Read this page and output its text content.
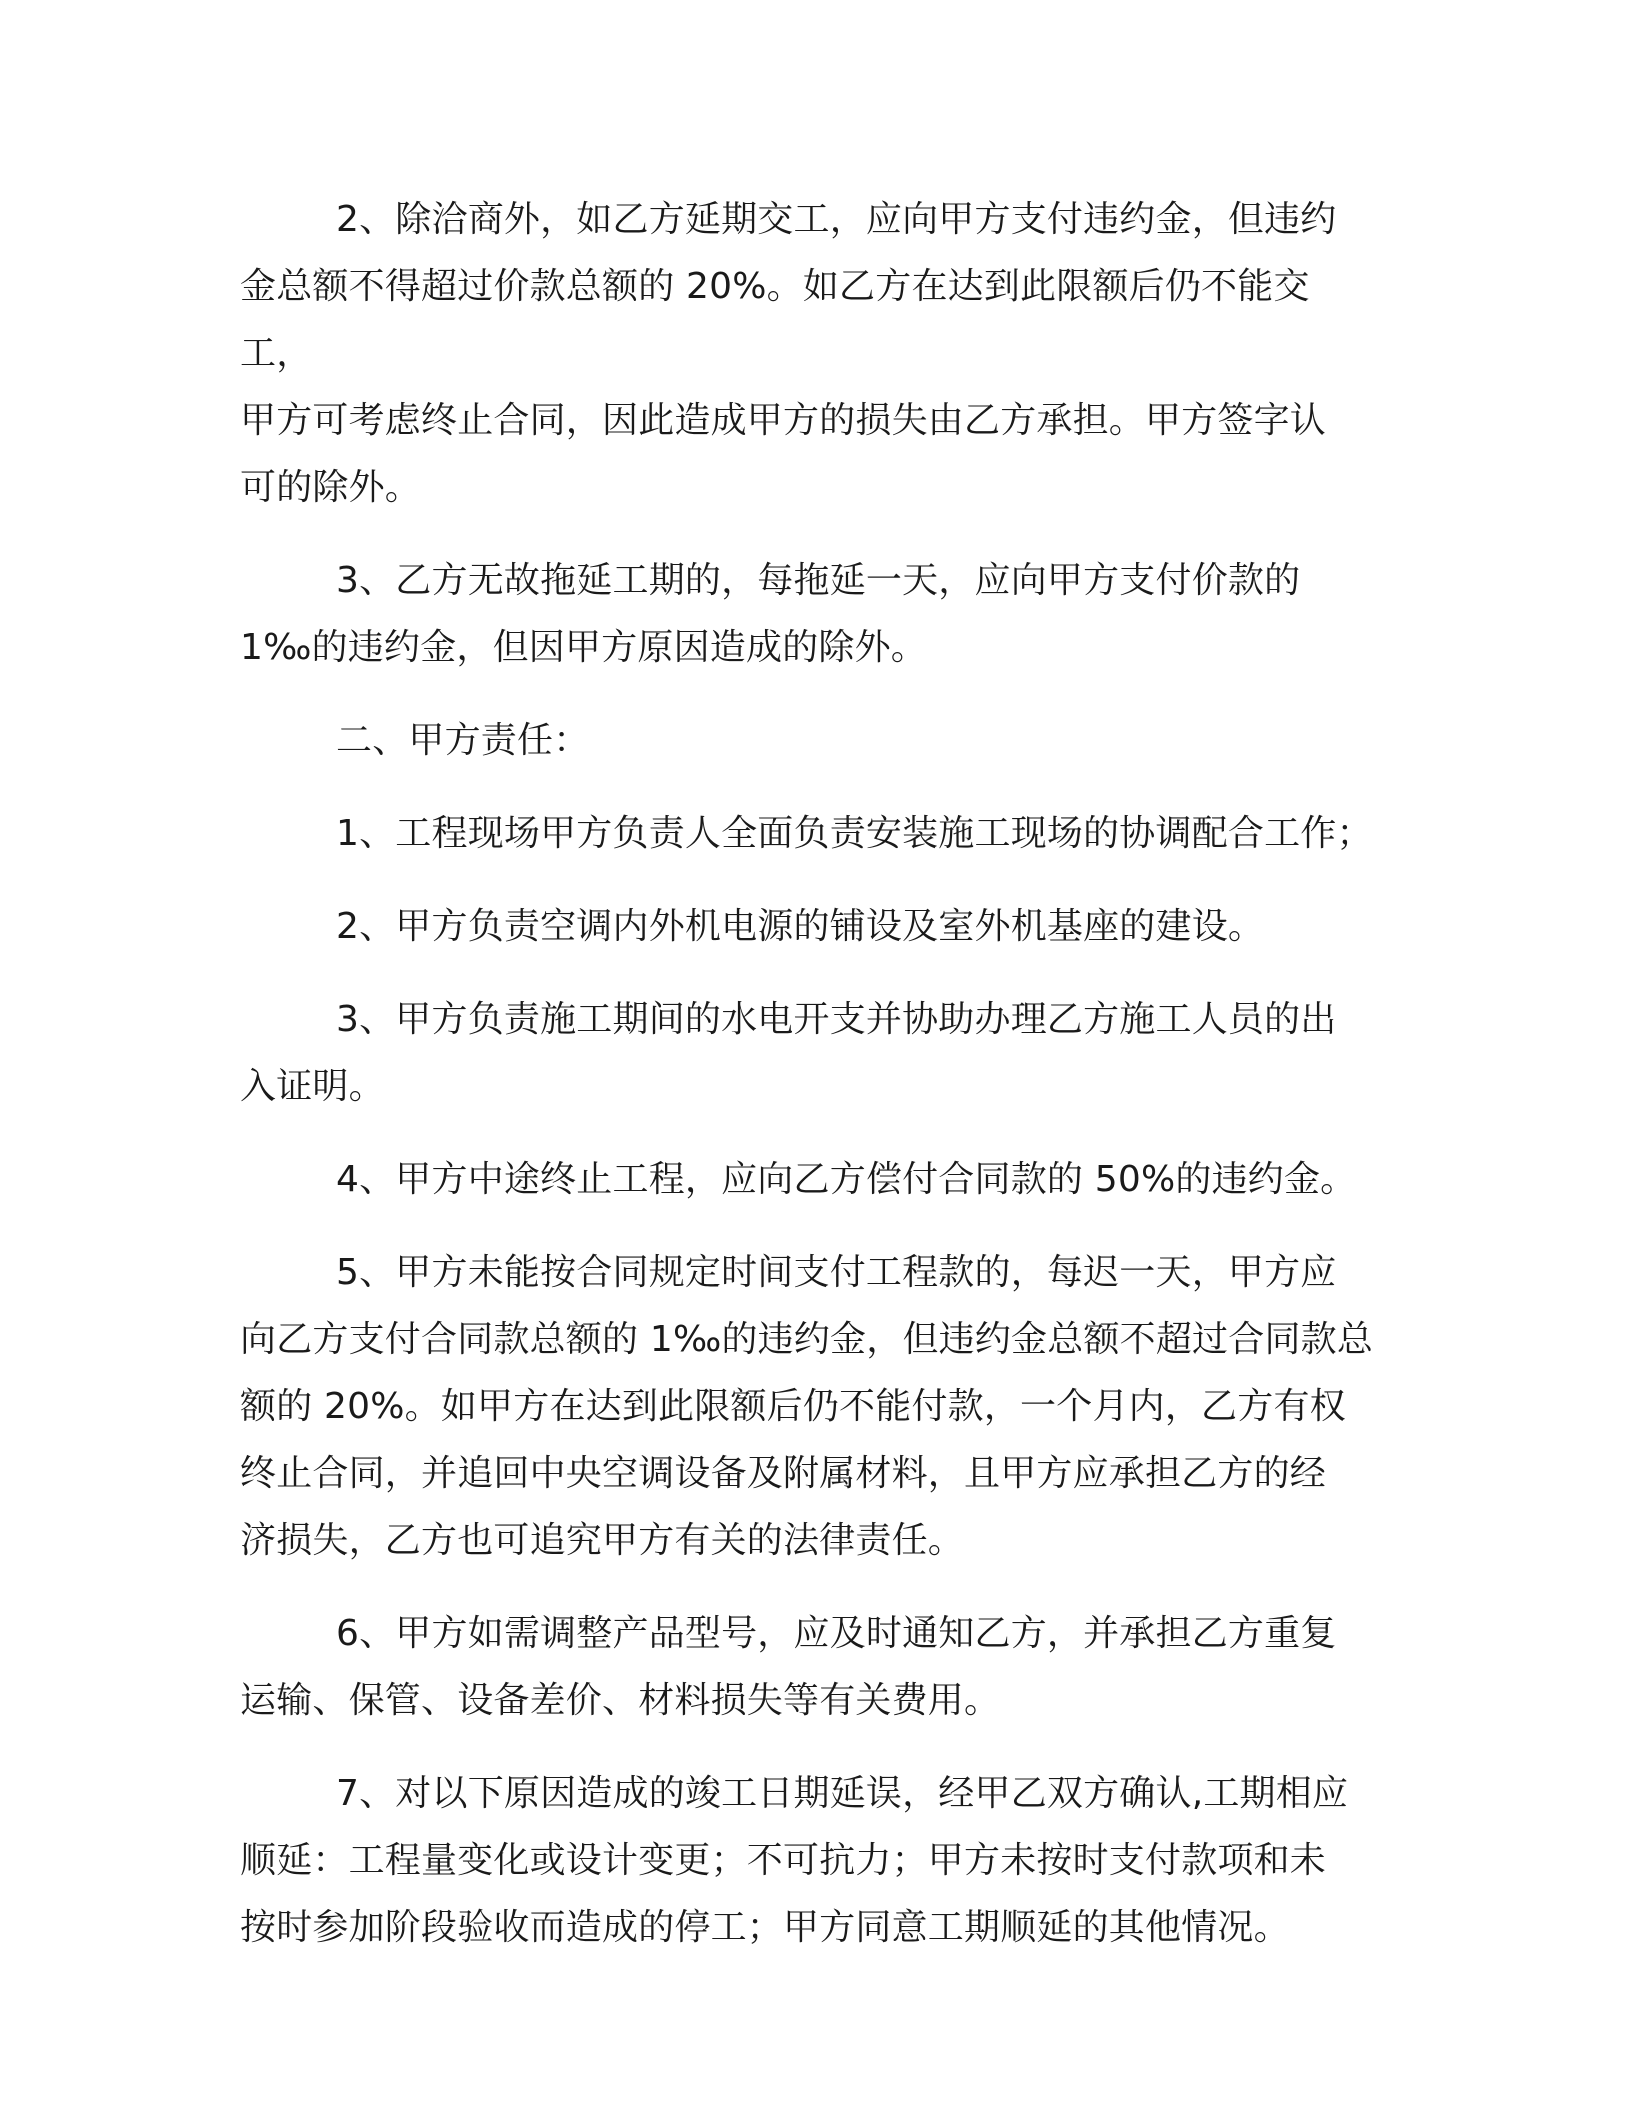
2、除洽商外，如乙方延期交工，应向甲方支付违约金，但违约
金总额不得超过价款总额的 20%。如乙方在达到此限额后仍不能交工，
甲方可考虑终止合同，因此造成甲方的损失由乙方承担。甲方签字认
可的除外。

3、乙方无故拖延工期的，每拖延一天，应向甲方支付价款的
1‰的违约金，但因甲方原因造成的除外。

二、甲方责任：

1、工程现场甲方负责人全面负责安装施工现场的协调配合工作；

2、甲方负责空调内外机电源的铺设及室外机基座的建设。

3、甲方负责施工期间的水电开支并协助办理乙方施工人员的出
入证明。

4、甲方中途终止工程，应向乙方偿付合同款的 50%的违约金。

5、甲方未能按合同规定时间支付工程款的，每迟一天，甲方应
向乙方支付合同款总额的 1‰的违约金，但违约金总额不超过合同款总
额的 20%。如甲方在达到此限额后仍不能付款，一个月内，乙方有权
终止合同，并追回中央空调设备及附属材料，且甲方应承担乙方的经
济损失，乙方也可追究甲方有关的法律责任。

6、甲方如需调整产品型号，应及时通知乙方，并承担乙方重复
运输、保管、设备差价、材料损失等有关费用。

7、对以下原因造成的竣工日期延误，经甲乙双方确认,工期相应
顺延：工程量变化或设计变更；不可抗力；甲方未按时支付款项和未
按时参加阶段验收而造成的停工；甲方同意工期顺延的其他情况。
